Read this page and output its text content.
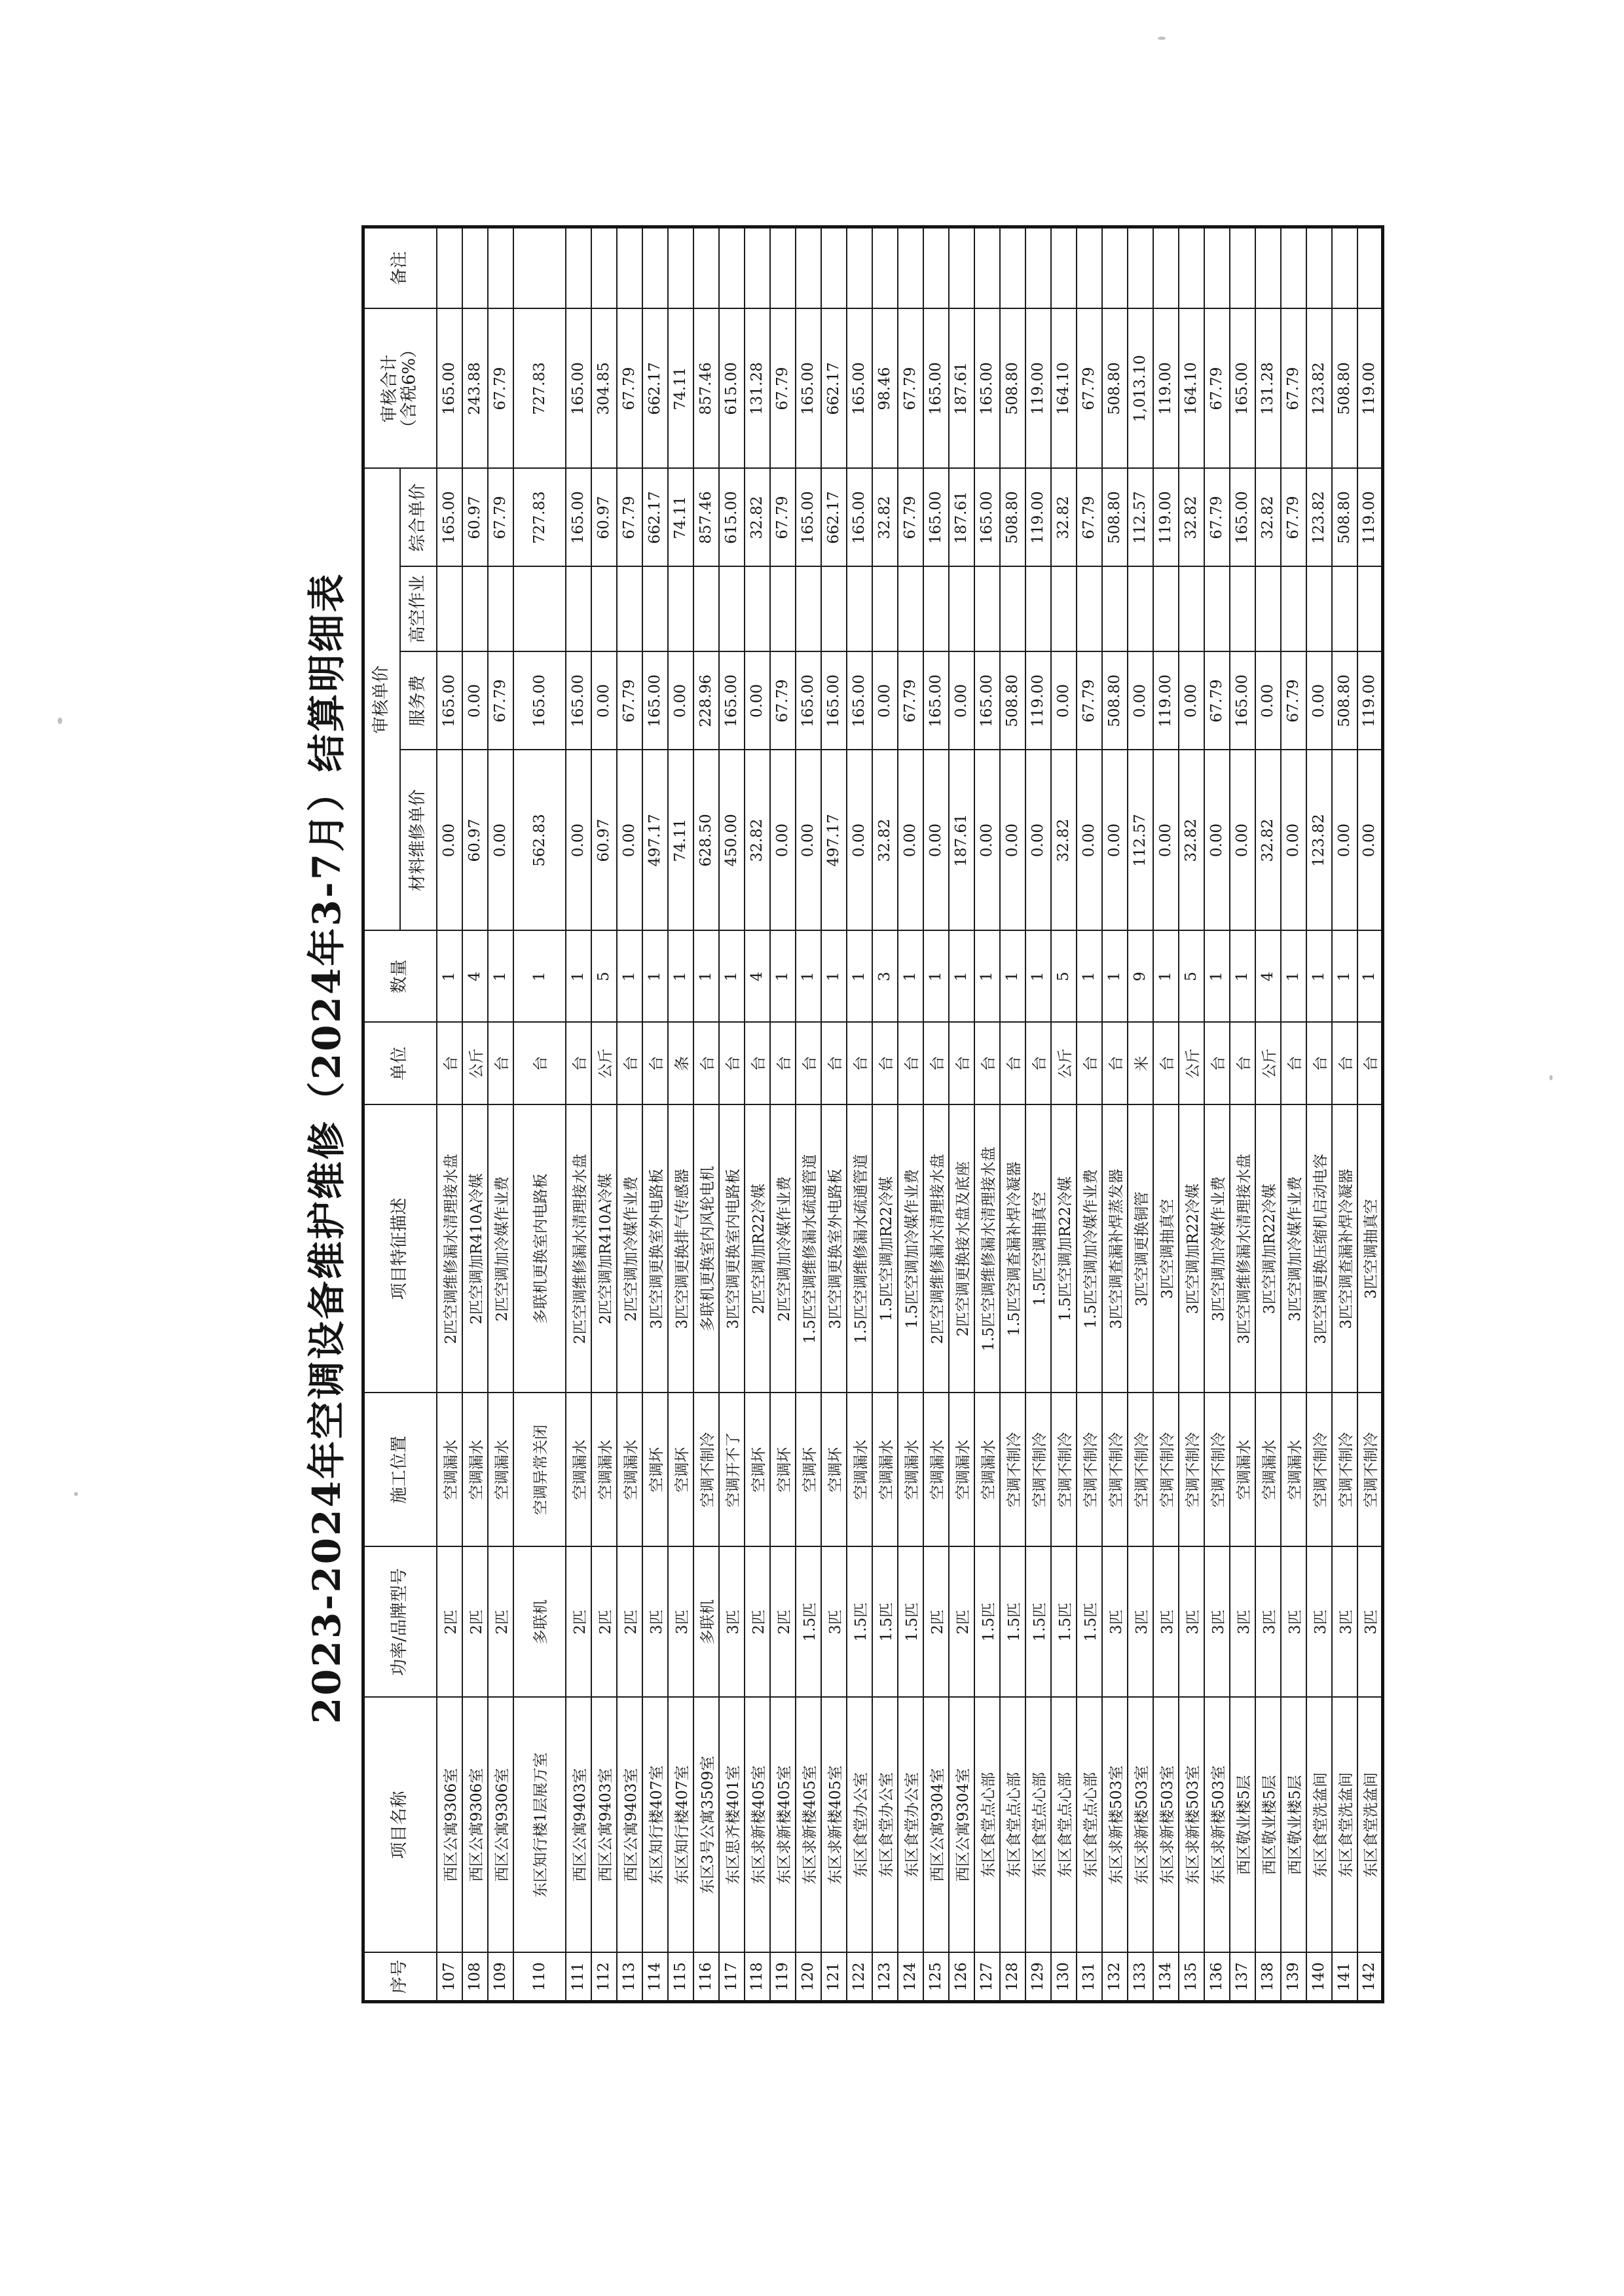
2023-2024年空调设备维护维修（2024年3-7月）结算明细表
序号	项目名称	功率/品牌型号	施工位置	项目特征描述	单位	数量	审核单价				审核合计
（含税6%）	备注
							材料维修单价	服务费	高空作业	综合单价		
107	西区公寓9306室	2匹	空调漏水	2匹空调维修漏水清理接水盘	台	1	0.00	165.00		165.00	165.00	
108	西区公寓9306室	2匹	空调漏水	2匹空调加R410A冷媒	公斤	4	60.97	0.00		60.97	243.88	
109	西区公寓9306室	2匹	空调漏水	2匹空调加冷媒作业费	台	1	0.00	67.79		67.79	67.79	
110	东区知行楼1层展万室	多联机	空调异常关闭	多联机更换室内电路板	台	1	562.83	165.00		727.83	727.83	
111	西区公寓9403室	2匹	空调漏水	2匹空调维修漏水清理接水盘	台	1	0.00	165.00		165.00	165.00	
112	西区公寓9403室	2匹	空调漏水	2匹空调加R410A冷媒	公斤	5	60.97	0.00		60.97	304.85	
113	西区公寓9403室	2匹	空调漏水	2匹空调加冷媒作业费	台	1	0.00	67.79		67.79	67.79	
114	东区知行楼407室	3匹	空调坏	3匹空调更换室外电路板	台	1	497.17	165.00		662.17	662.17	
115	东区知行楼407室	3匹	空调坏	3匹空调更换排气传感器	条	1	74.11	0.00		74.11	74.11	
116	东区3号公寓3509室	多联机	空调不制冷	多联机更换室内风轮电机	台	1	628.50	228.96		857.46	857.46	
117	东区思齐楼401室	3匹	空调开不了	3匹空调更换室内电路板	台	1	450.00	165.00		615.00	615.00	
118	东区求新楼405室	2匹	空调坏	2匹空调加R22冷媒	台	4	32.82	0.00		32.82	131.28	
119	东区求新楼405室	2匹	空调坏	2匹空调加冷媒作业费	台	1	0.00	67.79		67.79	67.79	
120	东区求新楼405室	1.5匹	空调坏	1.5匹空调维修漏水疏通管道	台	1	0.00	165.00		165.00	165.00	
121	东区求新楼405室	3匹	空调坏	3匹空调更换室外电路板	台	1	497.17	165.00		662.17	662.17	
122	东区食堂办公室	1.5匹	空调漏水	1.5匹空调维修漏水疏通管道	台	1	0.00	165.00		165.00	165.00	
123	东区食堂办公室	1.5匹	空调漏水	1.5匹空调加R22冷媒	台	3	32.82	0.00		32.82	98.46	
124	东区食堂办公室	1.5匹	空调漏水	1.5匹空调加冷媒作业费	台	1	0.00	67.79		67.79	67.79	
125	西区公寓9304室	2匹	空调漏水	2匹空调维修漏水清理接水盘	台	1	0.00	165.00		165.00	165.00	
126	西区公寓9304室	2匹	空调漏水	2匹空调更换接水盘及底座	台	1	187.61	0.00		187.61	187.61	
127	东区食堂点心部	1.5匹	空调漏水	1.5匹空调维修漏水清理接水盘	台	1	0.00	165.00		165.00	165.00	
128	东区食堂点心部	1.5匹	空调不制冷	1.5匹空调查漏补焊冷凝器	台	1	0.00	508.80		508.80	508.80	
129	东区食堂点心部	1.5匹	空调不制冷	1.5匹空调抽真空	台	1	0.00	119.00		119.00	119.00	
130	东区食堂点心部	1.5匹	空调不制冷	1.5匹空调加R22冷媒	公斤	5	32.82	0.00		32.82	164.10	
131	东区食堂点心部	1.5匹	空调不制冷	1.5匹空调加冷媒作业费	台	1	0.00	67.79		67.79	67.79	
132	东区求新楼503室	3匹	空调不制冷	3匹空调查漏补焊蒸发器	台	1	0.00	508.80		508.80	508.80	
133	东区求新楼503室	3匹	空调不制冷	3匹空调更换铜管	米	9	112.57	0.00		112.57	1,013.10	
134	东区求新楼503室	3匹	空调不制冷	3匹空调抽真空	台	1	0.00	119.00		119.00	119.00	
135	东区求新楼503室	3匹	空调不制冷	3匹空调加R22冷媒	公斤	5	32.82	0.00		32.82	164.10	
136	东区求新楼503室	3匹	空调不制冷	3匹空调加冷媒作业费	台	1	0.00	67.79		67.79	67.79	
137	西区敬业楼5层	3匹	空调漏水	3匹空调维修漏水清理接水盘	台	1	0.00	165.00		165.00	165.00	
138	西区敬业楼5层	3匹	空调漏水	3匹空调加R22冷媒	公斤	4	32.82	0.00		32.82	131.28	
139	西区敬业楼5层	3匹	空调漏水	3匹空调加冷媒作业费	台	1	0.00	67.79		67.79	67.79	
140	东区食堂洗盆间	3匹	空调不制冷	3匹空调更换压缩机启动电容	台	1	123.82	0.00		123.82	123.82	
141	东区食堂洗盆间	3匹	空调不制冷	3匹空调查漏补焊冷凝器	台	1	0.00	508.80		508.80	508.80	
142	东区食堂洗盆间	3匹	空调不制冷	3匹空调抽真空	台	1	0.00	119.00		119.00	119.00	
